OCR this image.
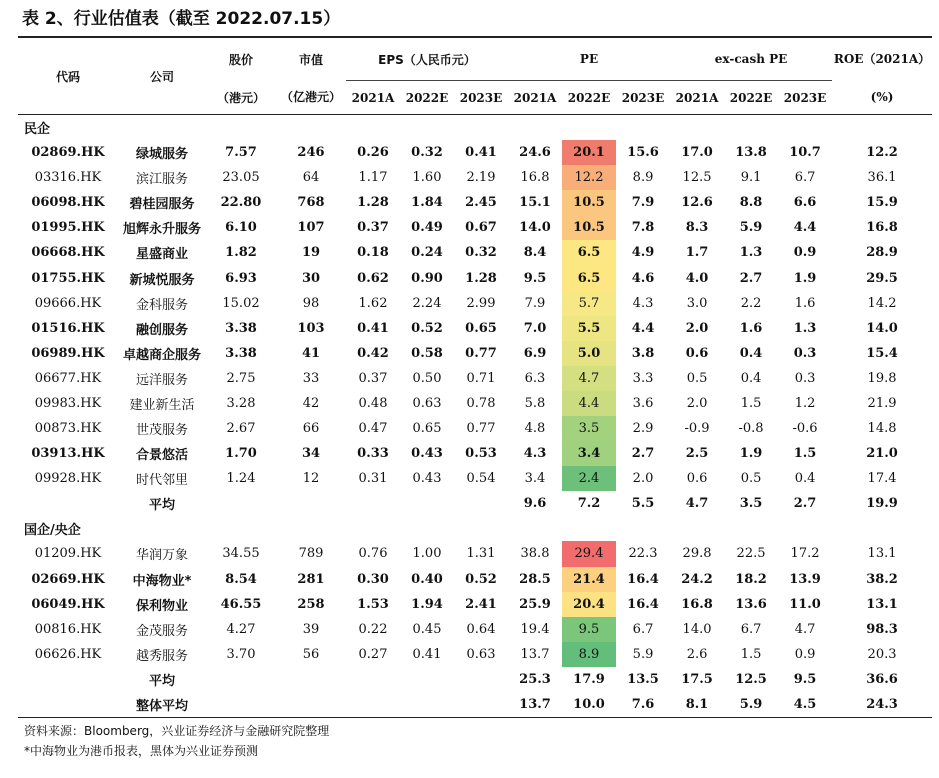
表 2、行业估值表（截至 2022.07.15）
代码	公司	股价	市值	EPS（人民币元）			PE			ex-cash PE			ROE（2021A）
		（港元）	（亿港元）	2021A	2022E	2023E	2021A	2022E	2023E	2021A	2022E	2023E	(%)
民企													
02869.HK	绿城服务	7.57	246	0.26	0.32	0.41	24.6	20.1	15.6	17.0	13.8	10.7	12.2
03316.HK	滨江服务	23.05	64	1.17	1.60	2.19	16.8	12.2	8.9	12.5	9.1	6.7	36.1
06098.HK	碧桂园服务	22.80	768	1.28	1.84	2.45	15.1	10.5	7.9	12.6	8.8	6.6	15.9
01995.HK	旭辉永升服务	6.10	107	0.37	0.49	0.67	14.0	10.5	7.8	8.3	5.9	4.4	16.8
06668.HK	星盛商业	1.82	19	0.18	0.24	0.32	8.4	6.5	4.9	1.7	1.3	0.9	28.9
01755.HK	新城悦服务	6.93	30	0.62	0.90	1.28	9.5	6.5	4.6	4.0	2.7	1.9	29.5
09666.HK	金科服务	15.02	98	1.62	2.24	2.99	7.9	5.7	4.3	3.0	2.2	1.6	14.2
01516.HK	融创服务	3.38	103	0.41	0.52	0.65	7.0	5.5	4.4	2.0	1.6	1.3	14.0
06989.HK	卓越商企服务	3.38	41	0.42	0.58	0.77	6.9	5.0	3.8	0.6	0.4	0.3	15.4
06677.HK	远洋服务	2.75	33	0.37	0.50	0.71	6.3	4.7	3.3	0.5	0.4	0.3	19.8
09983.HK	建业新生活	3.28	42	0.48	0.63	0.78	5.8	4.4	3.6	2.0	1.5	1.2	21.9
00873.HK	世茂服务	2.67	66	0.47	0.65	0.77	4.8	3.5	2.9	-0.9	-0.8	-0.6	14.8
03913.HK	合景悠活	1.70	34	0.33	0.43	0.53	4.3	3.4	2.7	2.5	1.9	1.5	21.0
09928.HK	时代邻里	1.24	12	0.31	0.43	0.54	3.4	2.4	2.0	0.6	0.5	0.4	17.4
	平均						9.6	7.2	5.5	4.7	3.5	2.7	19.9
国企/央企													
01209.HK	华润万象	34.55	789	0.76	1.00	1.31	38.8	29.4	22.3	29.8	22.5	17.2	13.1
02669.HK	中海物业*	8.54	281	0.30	0.40	0.52	28.5	21.4	16.4	24.2	18.2	13.9	38.2
06049.HK	保利物业	46.55	258	1.53	1.94	2.41	25.9	20.4	16.4	16.8	13.6	11.0	13.1
00816.HK	金茂服务	4.27	39	0.22	0.45	0.64	19.4	9.5	6.7	14.0	6.7	4.7	98.3
06626.HK	越秀服务	3.70	56	0.27	0.41	0.63	13.7	8.9	5.9	2.6	1.5	0.9	20.3
	平均						25.3	17.9	13.5	17.5	12.5	9.5	36.6
	整体平均						13.7	10.0	7.6	8.1	5.9	4.5	24.3
资料来源：Bloomberg，兴业证券经济与金融研究院整理
*中海物业为港币报表，黑体为兴业证券预测
